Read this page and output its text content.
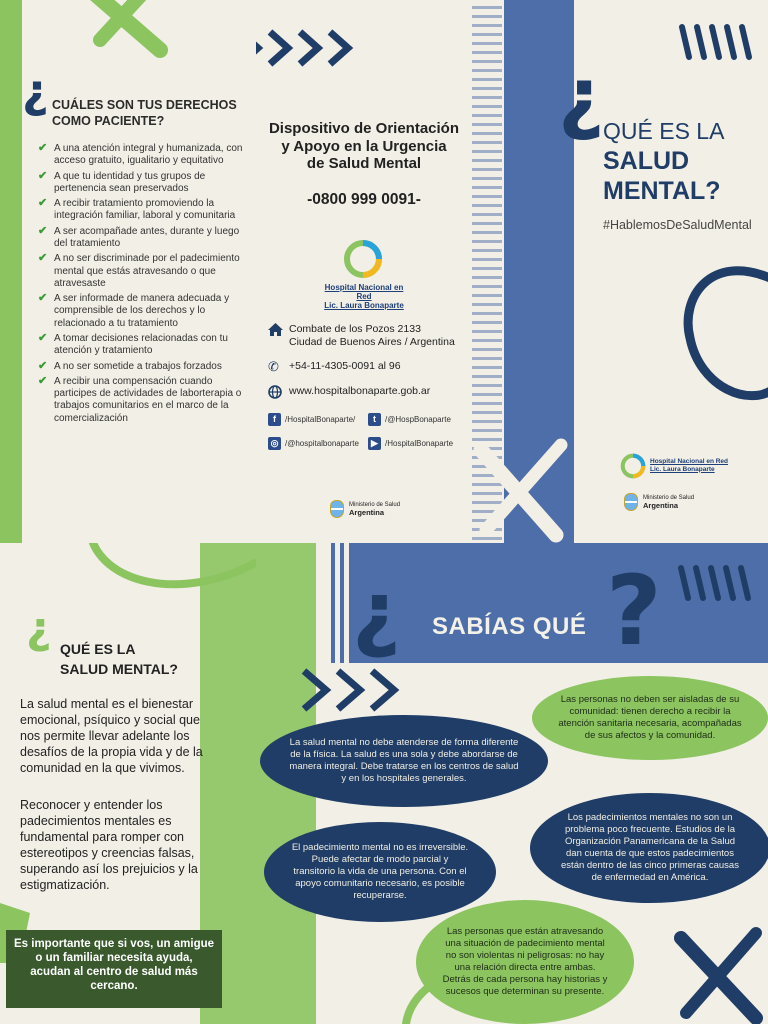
¿ CUÁLES SON TUS DERECHOS
COMO PACIENTE?
✔ A una atención integral y humanizada, con acceso gratuito, igualitario y equitativo
✔ A que tu identidad y tus grupos de pertenencia sean preservados
✔ A recibir tratamiento promoviendo la integración familiar, laboral y comunitaria
✔ A ser acompañade antes, durante y luego del tratamiento
✔ A no ser discriminade por el padecimiento mental que estás atravesando o que atravesaste
✔ A ser informade de manera adecuada y comprensible de los derechos y lo relacionado a tu tratamiento
✔ A tomar decisiones relacionadas con tu atención y tratamiento
✔ A no ser sometide a trabajos forzados
✔ A recibir una compensación cuando participes de actividades de laborterapia o trabajos comunitarios en el marco de la comercialización
Dispositivo de Orientación
y Apoyo en la Urgencia
de Salud Mental
-0800 999 0091-
Hospital Nacional en Red
Lic. Laura Bonaparte
Combate de los Pozos 2133
Ciudad de Buenos Aires / Argentina
✆ +54-11-4305-0091 al 96
www.hospitalbonaparte.gob.ar
f	/HospitalBonaparte/	t	/@HospBonaparte
◎ /@hospitalbonaparte	▶ /HospitalBonaparte
Ministerio de Salud
Argentina
¿
QUÉ ES LA
SALUD
MENTAL?
#HablemosDeSaludMental
Hospital Nacional en Red
Lic. Laura Bonaparte
Ministerio de Salud
Argentina
¿ QUÉ ES LA
SALUD MENTAL?
La salud mental es el bienestar emocional, psíquico y social que nos permite llevar adelante los desafíos de la propia vida y de la comunidad en la que vivimos.
Reconocer y entender los padecimientos mentales es fundamental para romper con estereotipos y creencias falsas, superando así los prejuicios y la estigmatización.
Es importante que si vos, un amigue o un familiar necesita ayuda, acudan al centro de salud más cercano.
¿ SABÍAS QUÉ ?
Las personas no deben ser aisladas de su comunidad: tienen derecho a recibir la atención sanitaria necesaria, acompañadas de sus afectos y la comunidad.
La salud mental no debe atenderse de forma diferente de la física. La salud es una sola y debe abordarse de manera integral. Debe tratarse en los centros de salud y en los hospitales generales.
Los padecimientos mentales no son un problema poco frecuente. Estudios de la Organización Panamericana de la Salud dan cuenta de que estos padecimientos están dentro de las cinco primeras causas de enfermedad en América.
El padecimiento mental no es irreversible. Puede afectar de modo parcial y transitorio la vida de una persona. Con el apoyo comunitario necesario, es posible recuperarse.
Las personas que están atravesando una situación de padecimiento mental no son violentas ni peligrosas: no hay una relación directa entre ambas. Detrás de cada persona hay historias y sucesos que determinan su presente.
